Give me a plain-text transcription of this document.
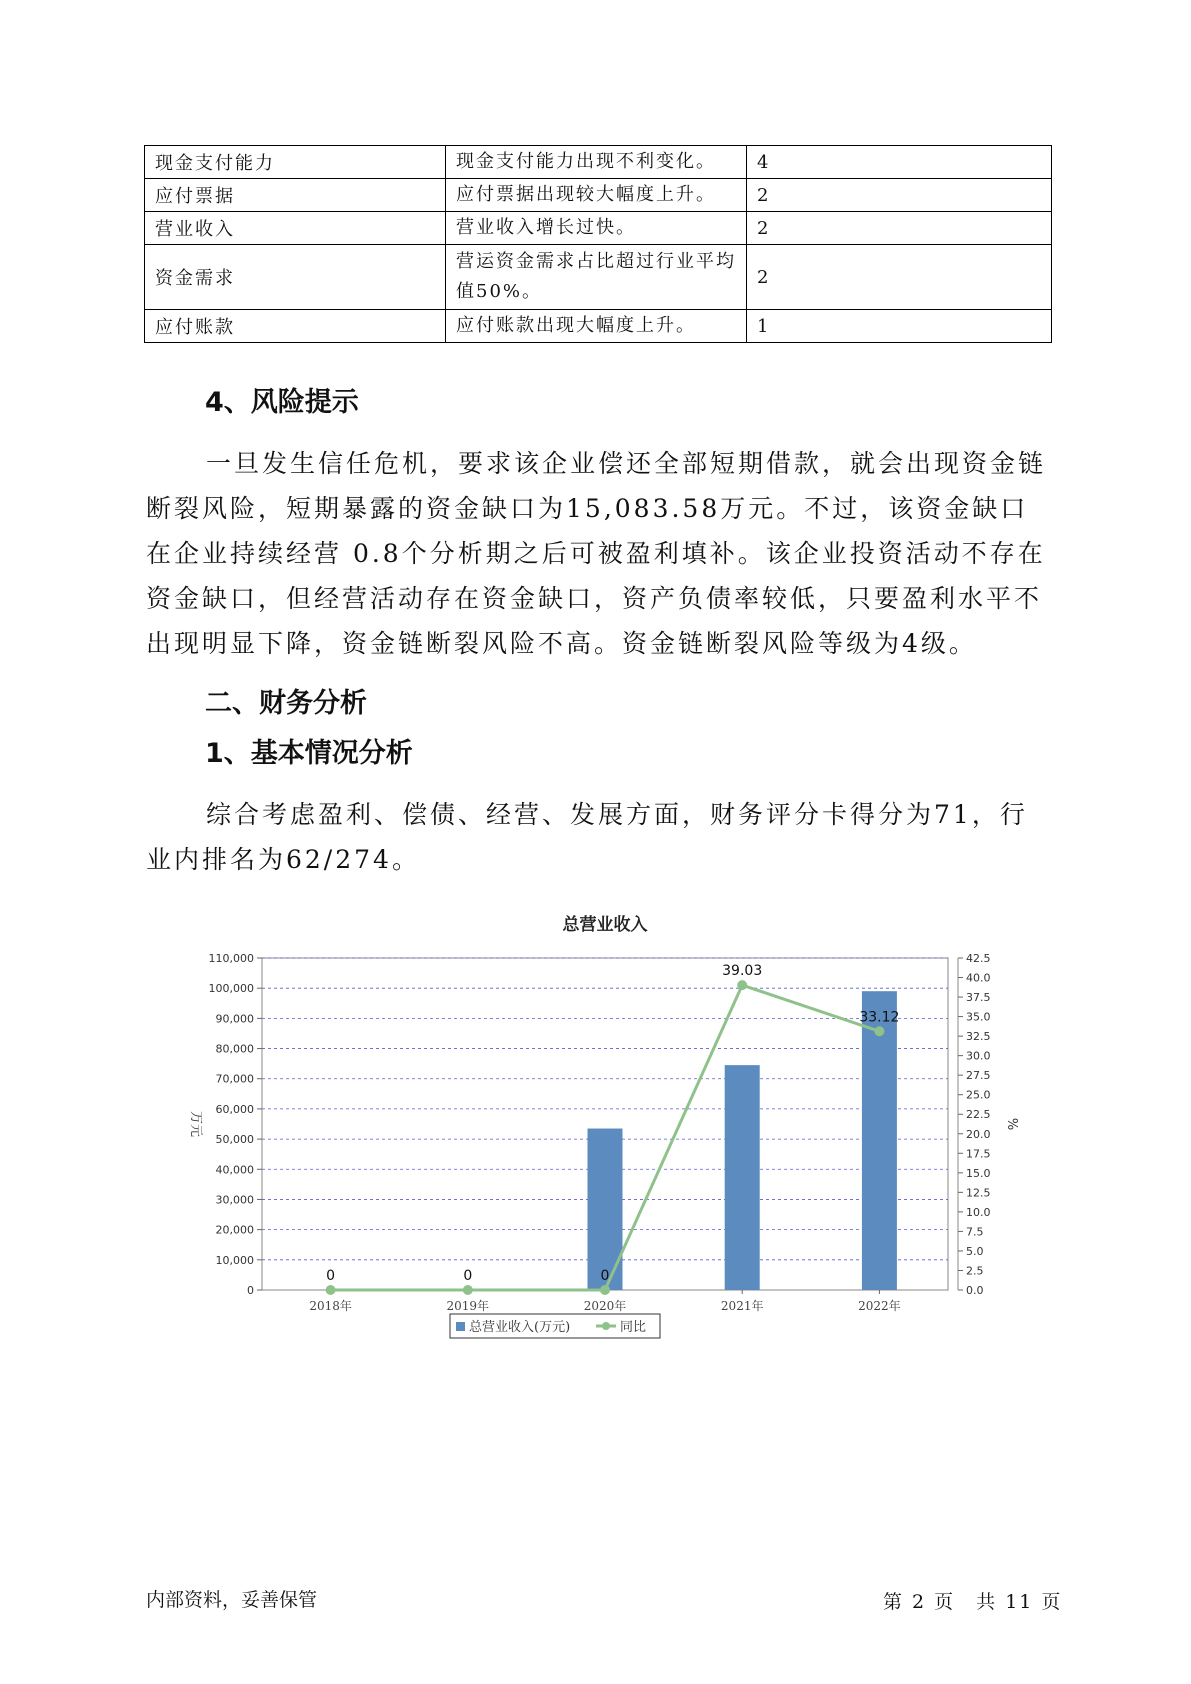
现金支付能力	现金支付能力出现不利变化。	4
应付票据	应付票据出现较大幅度上升。	2
营业收入	营业收入增长过快。	2
资金需求	营运资金需求占比超过行业平均值50%。	2
应付账款	应付账款出现大幅度上升。	1
4、风险提示

一旦发生信任危机，要求该企业偿还全部短期借款，就会出现资金链断裂风险，短期暴露的资金缺口为15,083.58万元。不过，该资金缺口在企业持续经营 0.8个分析期之后可被盈利填补。该企业投资活动不存在资金缺口，但经营活动存在资金缺口，资产负债率较低，只要盈利水平不出现明显下降，资金链断裂风险不高。资金链断裂风险等级为4级。

二、财务分析
1、基本情况分析

综合考虑盈利、偿债、经营、发展方面，财务评分卡得分为71，行业内排名为62/274。

总营业收入
0
10,000
20,000
30,000
40,000
50,000
60,000
70,000
80,000
90,000
100,000
110,000
0.0
2.5
5.0
7.5
10.0
12.5
15.0
17.5
20.0
22.5
25.0
27.5
30.0
32.5
35.0
37.5
40.0
42.5
万元	%
2018年	2019年	2020年	2021年	2022年
0	0	0
39.03
33.12
总营业收入(万元)	同比
内部资料，妥善保管	第 2 页　共 11 页
